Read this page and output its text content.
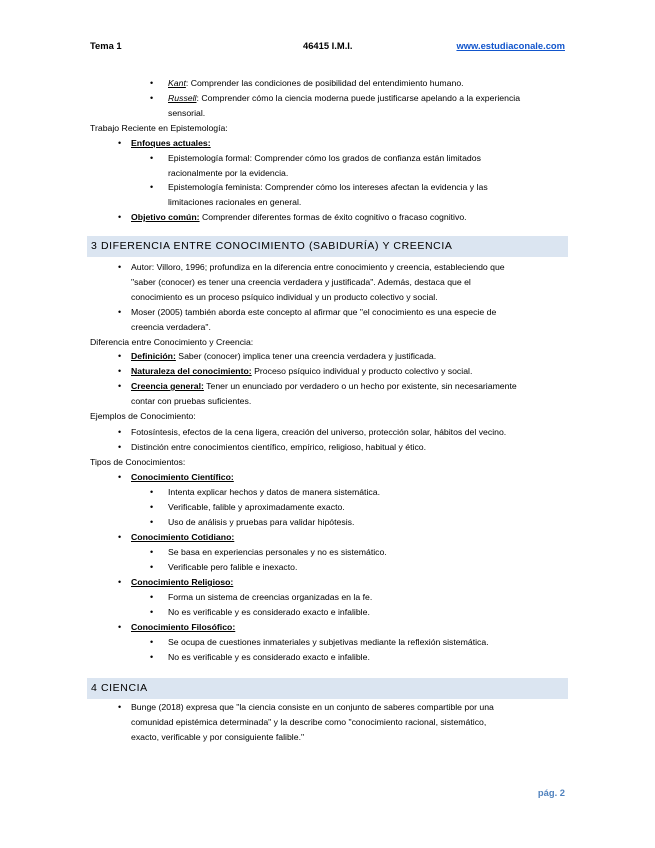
Tema 1	46415 I.M.I.	www.estudiaconale.com
• Kant: Comprender las condiciones de posibilidad del entendimiento humano.
• Russell: Comprender cómo la ciencia moderna puede justificarse apelando a la experiencia
sensorial.
Trabajo Reciente en Epistemología:
• Enfoques actuales:
• Epistemología formal: Comprender cómo los grados de confianza están limitados
racionalmente por la evidencia.
• Epistemología feminista: Comprender cómo los intereses afectan la evidencia y las
limitaciones racionales en general.
• Objetivo común: Comprender diferentes formas de éxito cognitivo o fracaso cognitivo.
3 DIFERENCIA ENTRE CONOCIMIENTO (SABIDURÍA) Y CREENCIA
• Autor: Villoro, 1996; profundiza en la diferencia entre conocimiento y creencia, estableciendo que
"saber (conocer) es tener una creencia verdadera y justificada". Además, destaca que el
conocimiento es un proceso psíquico individual y un producto colectivo y social.
• Moser (2005) también aborda este concepto al afirmar que "el conocimiento es una especie de
creencia verdadera".
Diferencia entre Conocimiento y Creencia:
• Definición: Saber (conocer) implica tener una creencia verdadera y justificada.
• Naturaleza del conocimiento: Proceso psíquico individual y producto colectivo y social.
• Creencia general: Tener un enunciado por verdadero o un hecho por existente, sin necesariamente
contar con pruebas suficientes.
Ejemplos de Conocimiento:
• Fotosíntesis, efectos de la cena ligera, creación del universo, protección solar, hábitos del vecino.
• Distinción entre conocimientos científico, empírico, religioso, habitual y ético.
Tipos de Conocimientos:
• Conocimiento Científico:
• Intenta explicar hechos y datos de manera sistemática.
• Verificable, falible y aproximadamente exacto.
• Uso de análisis y pruebas para validar hipótesis.
• Conocimiento Cotidiano:
• Se basa en experiencias personales y no es sistemático.
• Verificable pero falible e inexacto.
• Conocimiento Religioso:
• Forma un sistema de creencias organizadas en la fe.
• No es verificable y es considerado exacto e infalible.
• Conocimiento Filosófico:
• Se ocupa de cuestiones inmateriales y subjetivas mediante la reflexión sistemática.
• No es verificable y es considerado exacto e infalible.
4 CIENCIA
• Bunge (2018) expresa que "la ciencia consiste en un conjunto de saberes compartible por una
comunidad epistémica determinada" y la describe como "conocimiento racional, sistemático,
exacto, verificable y por consiguiente falible."
pág. 2
